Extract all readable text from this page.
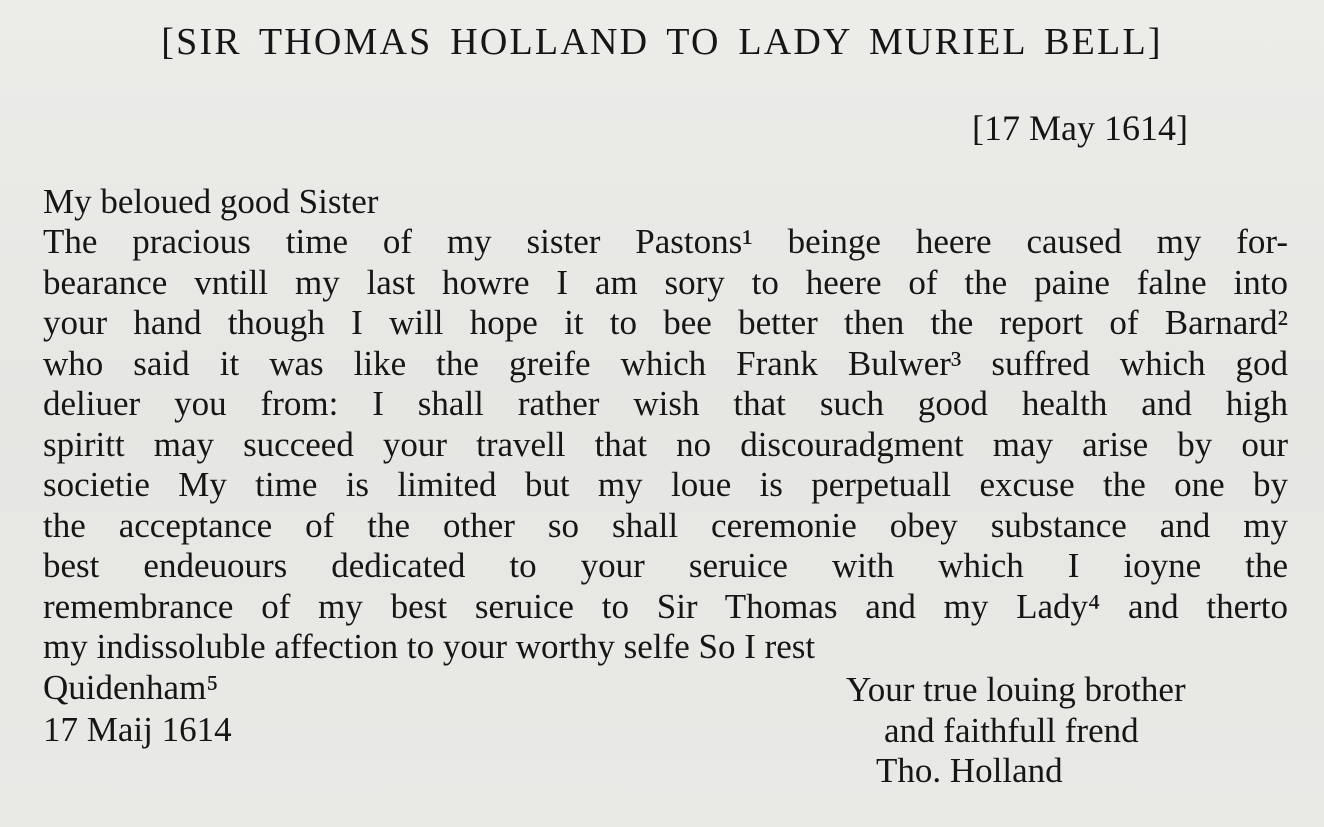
[SIR THOMAS HOLLAND TO LADY MURIEL BELL]
[17 May 1614]
My beloued good Sister
The pracious time of my sister Pastons¹ beinge heere caused my for-
bearance vntill my last howre I am sory to heere of the paine falne into
your hand though I will hope it to bee better then the report of Barnard²
who said it was like the greife which Frank Bulwer³ suffred which god
deliuer you from: I shall rather wish that such good health and high
spiritt may succeed your travell that no discouradgment may arise by our
societie My time is limited but my loue is perpetuall excuse the one by
the acceptance of the other so shall ceremonie obey substance and my
best endeuours dedicated to your seruice with which I ioyne the
remembrance of my best seruice to Sir Thomas and my Lady⁴ and therto
my indissoluble affection to your worthy selfe So I rest
Quidenham⁵
17 Maij 1614
Your true louing brother
and faithfull frend
Tho. Holland
